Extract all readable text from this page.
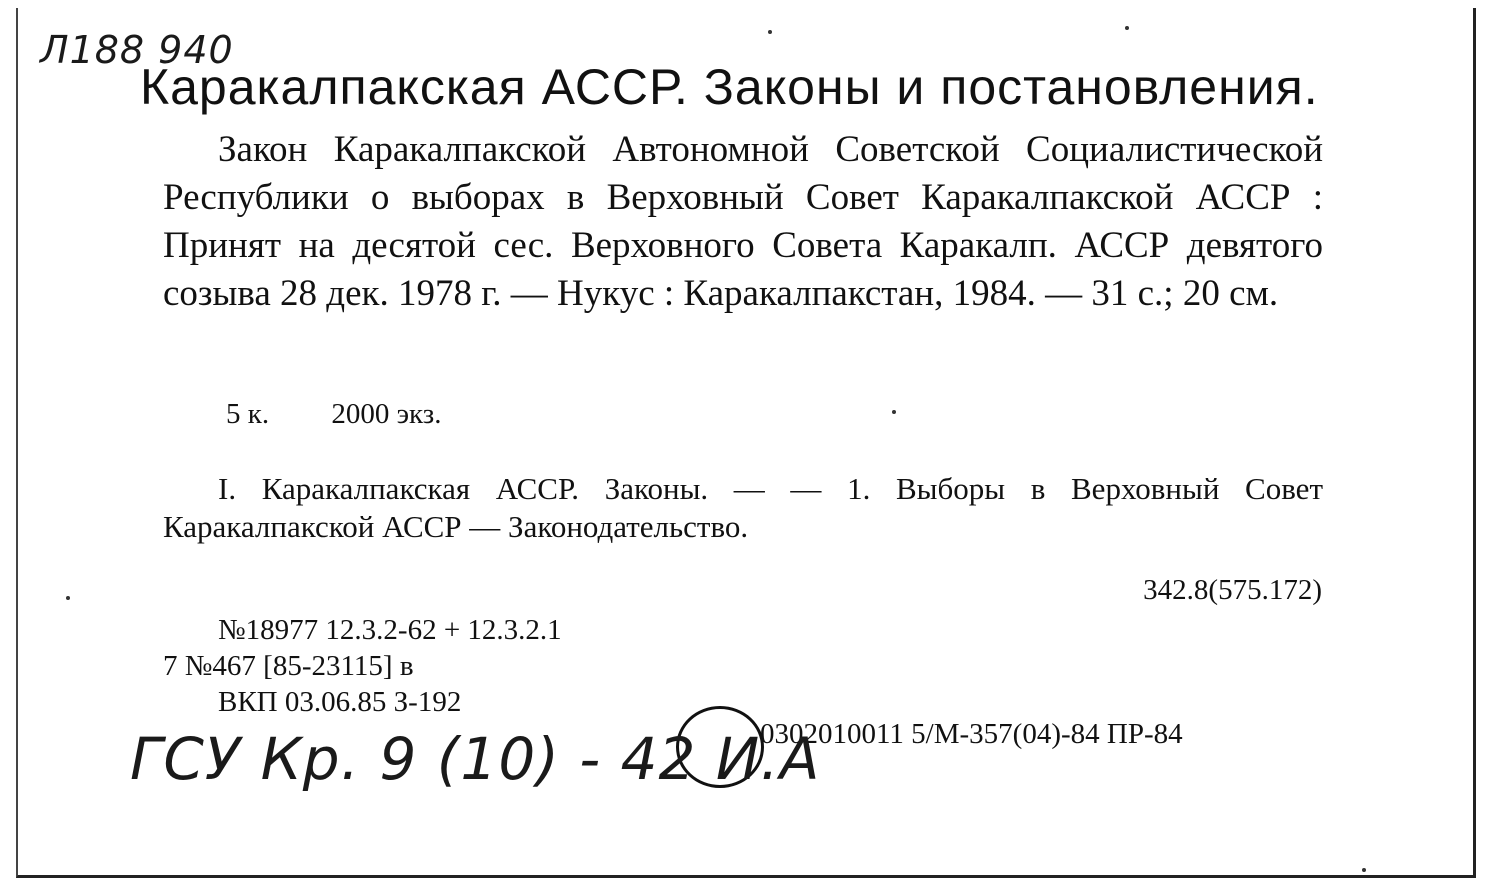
Л188 940
Каракалпакская АССР. Законы и постановления.
Закон Каракалпакской Автономной Советской Социалистической Республики о выборах в Верховный Совет Каракалпакской АССР : Принят на десятой сес. Верховного Совета Каракалп. АССР девятого созыва 28 дек. 1978 г. — Нукус : Каракалпакстан, 1984. — 31 с.; 20 см.
5 к. 2000 экз.
I. Каракалпакская АССР. Законы. — — 1. Выборы в Верховный Совет Каракалпакской АССР — Законодательство.
342.8(575.172)
№18977 12.3.2-62 + 12.3.2.1
7 №467 [85-23115] в
ВКП 03.06.85 З-192
0302010011 5/М-357(04)-84 ПР-84
ГСУ Кр. 9 (10) - 42 И.А
